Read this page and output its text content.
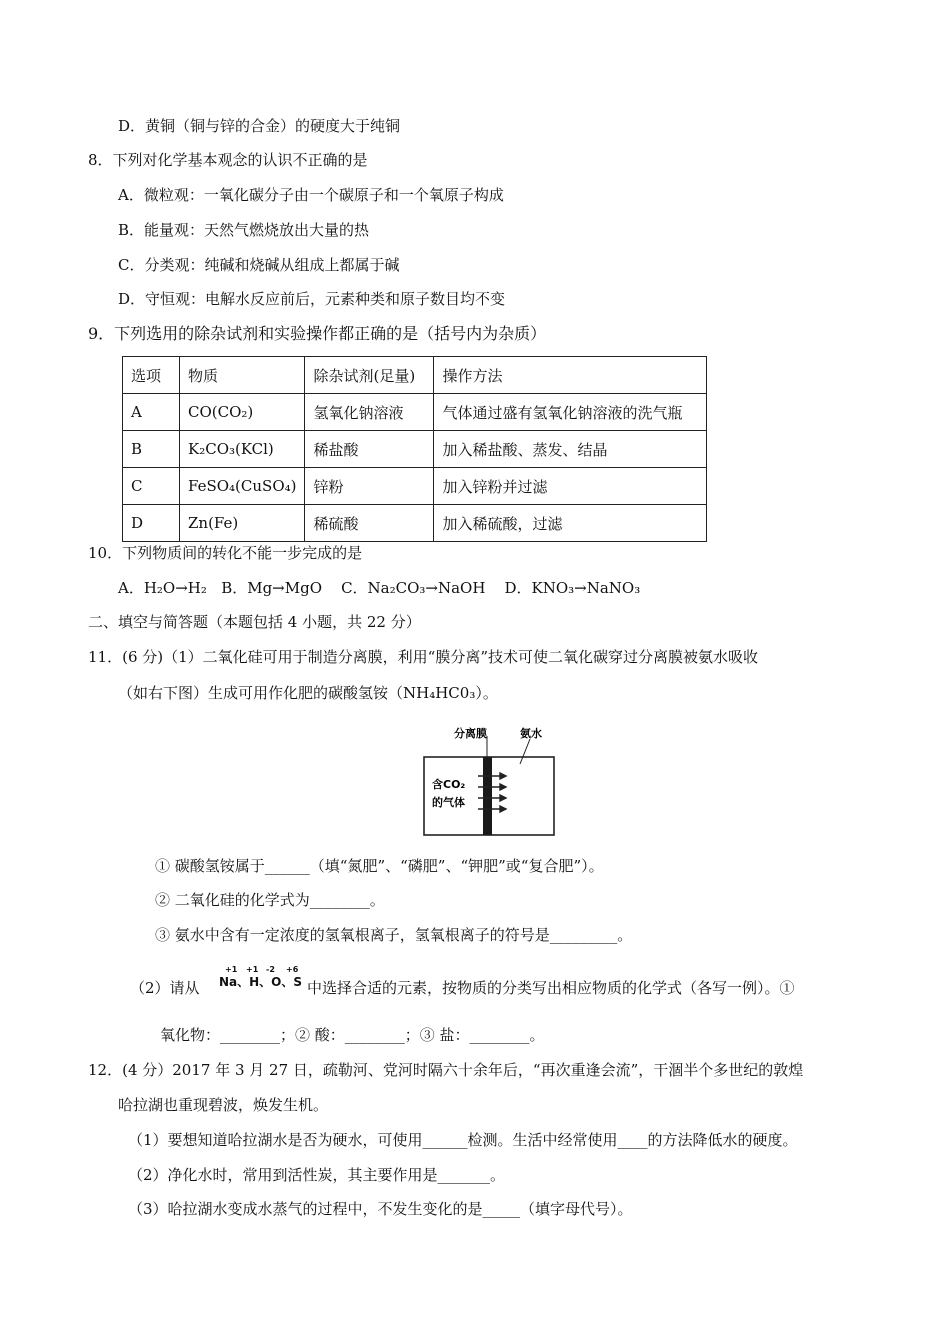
D．黄铜（铜与锌的合金）的硬度大于纯铜
8．下列对化学基本观念的认识不正确的是
A．微粒观：一氧化碳分子由一个碳原子和一个氧原子构成
B．能量观：天然气燃烧放出大量的热
C．分类观：纯碱和烧碱从组成上都属于碱
D．守恒观：电解水反应前后，元素种类和原子数目均不变
9．下列选用的除杂试剂和实验操作都正确的是（括号内为杂质）
选项	物质	除杂试剂(足量)	操作方法
A	CO(CO₂)	氢氧化钠溶液	气体通过盛有氢氧化钠溶液的洗气瓶
B	K₂CO₃(KCl)	稀盐酸	加入稀盐酸、蒸发、结晶
C	FeSO₄(CuSO₄)	锌粉	加入锌粉并过滤
D	Zn(Fe)	稀硫酸	加入稀硫酸，过滤
10．下列物质间的转化不能一步完成的是
A．H₂O→H₂   B．Mg→MgO    C．Na₂CO₃→NaOH    D．KNO₃→NaNO₃
二、填空与简答题（本题包括 4 小题，共 22 分）
11．(6 分)（1）二氧化硅可用于制造分离膜，利用“膜分离”技术可使二氧化碳穿过分离膜被氨水吸收
（如右下图）生成可用作化肥的碳酸氢铵（NH₄HC0₃）。
分离膜	氨水
含CO₂
的气体
① 碳酸氢铵属于______（填“氮肥”、“磷肥”、“钾肥”或“复合肥”）。
② 二氧化硅的化学式为________。
③ 氨水中含有一定浓度的氢氧根离子，氢氧根离子的符号是_________。
（2）请从
+1 +1 -2 +6
Na、H、O、S 中选择合适的元素，按物质的分类写出相应物质的化学式（各写一例）。①
氧化物：________；② 酸：________；③ 盐：________。
12．(4 分）2017 年 3 月 27 日，疏勒河、党河时隔六十余年后，“再次重逢会流”，干涸半个多世纪的敦煌
哈拉湖也重现碧波，焕发生机。
（1）要想知道哈拉湖水是否为硬水，可使用______检测。生活中经常使用____的方法降低水的硬度。
（2）净化水时，常用到活性炭，其主要作用是_______。
（3）哈拉湖水变成水蒸气的过程中，不发生变化的是_____（填字母代号）。
